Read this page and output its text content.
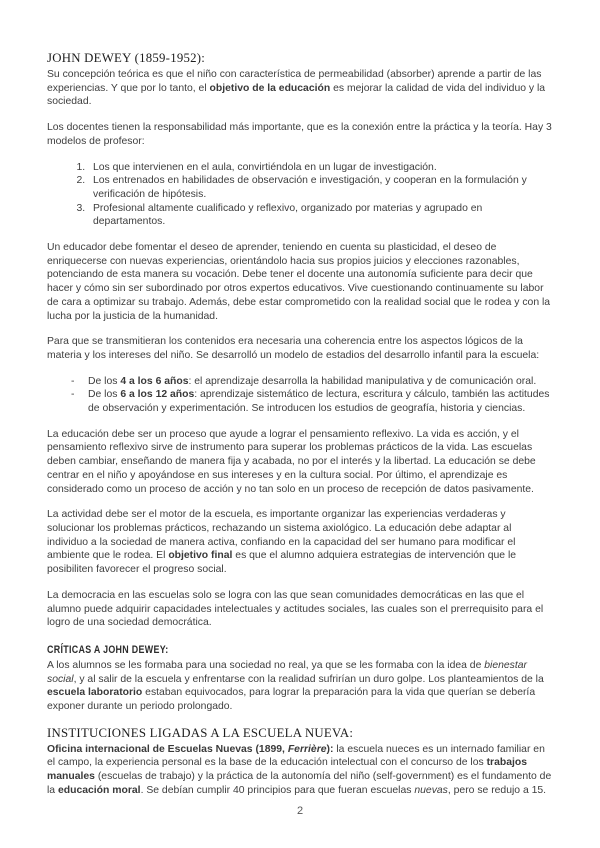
JOHN DEWEY (1859-1952):

Su concepción teórica es que el niño con característica de permeabilidad (absorber) aprende a partir de las experiencias. Y que por lo tanto, el objetivo de la educación es mejorar la calidad de vida del individuo y la sociedad.

Los docentes tienen la responsabilidad más importante, que es la conexión entre la práctica y la teoría. Hay 3 modelos de profesor:

1. Los que intervienen en el aula, convirtiéndola en un lugar de investigación.
2. Los entrenados en habilidades de observación e investigación, y cooperan en la formulación y verificación de hipótesis.
3. Profesional altamente cualificado y reflexivo, organizado por materias y agrupado en departamentos.

Un educador debe fomentar el deseo de aprender, teniendo en cuenta su plasticidad, el deseo de enriquecerse con nuevas experiencias, orientándolo hacia sus propios juicios y elecciones razonables, potenciando de esta manera su vocación. Debe tener el docente una autonomía suficiente para decir que hacer y cómo sin ser subordinado por otros expertos educativos. Vive cuestionando continuamente su labor de cara a optimizar su trabajo. Además, debe estar comprometido con la realidad social que le rodea y con la lucha por la justicia de la humanidad.

Para que se transmitieran los contenidos era necesaria una coherencia entre los aspectos lógicos de la materia y los intereses del niño. Se desarrolló un modelo de estadios del desarrollo infantil para la escuela:

- De los 4 a los 6 años: el aprendizaje desarrolla la habilidad manipulativa y de comunicación oral.
- De los 6 a los 12 años: aprendizaje sistemático de lectura, escritura y cálculo, también las actitudes de observación y experimentación. Se introducen los estudios de geografía, historia y ciencias.

La educación debe ser un proceso que ayude a lograr el pensamiento reflexivo. La vida es acción, y el pensamiento reflexivo sirve de instrumento para superar los problemas prácticos de la vida. Las escuelas deben cambiar, enseñando de manera fija y acabada, no por el interés y la libertad. La educación se debe centrar en el niño y apoyándose en sus intereses y en la cultura social. Por último, el aprendizaje es considerado como un proceso de acción y no tan solo en un proceso de recepción de datos pasivamente.

La actividad debe ser el motor de la escuela, es importante organizar las experiencias verdaderas y solucionar los problemas prácticos, rechazando un sistema axiológico. La educación debe adaptar al individuo a la sociedad de manera activa, confiando en la capacidad del ser humano para modificar el ambiente que le rodea. El objetivo final es que el alumno adquiera estrategias de intervención que le posibiliten favorecer el progreso social.

La democracia en las escuelas solo se logra con las que sean comunidades democráticas en las que el alumno puede adquirir capacidades intelectuales y actitudes sociales, las cuales son el prerrequisito para el logro de una sociedad democrática.

CRÍTICAS A JOHN DEWEY:

A los alumnos se les formaba para una sociedad no real, ya que se les formaba con la idea de bienestar social, y al salir de la escuela y enfrentarse con la realidad sufrirían un duro golpe. Los planteamientos de la escuela laboratorio estaban equivocados, para lograr la preparación para la vida que querían se debería exponer durante un periodo prolongado.

INSTITUCIONES LIGADAS A LA ESCUELA NUEVA:

Oficina internacional de Escuelas Nuevas (1899, Ferrière): la escuela nueces es un internado familiar en el campo, la experiencia personal es la base de la educación intelectual con el concurso de los trabajos manuales (escuelas de trabajo) y la práctica de la autonomía del niño (self-government) es el fundamento de la educación moral. Se debían cumplir 40 principios para que fueran escuelas nuevas, pero se redujo a 15.

2
